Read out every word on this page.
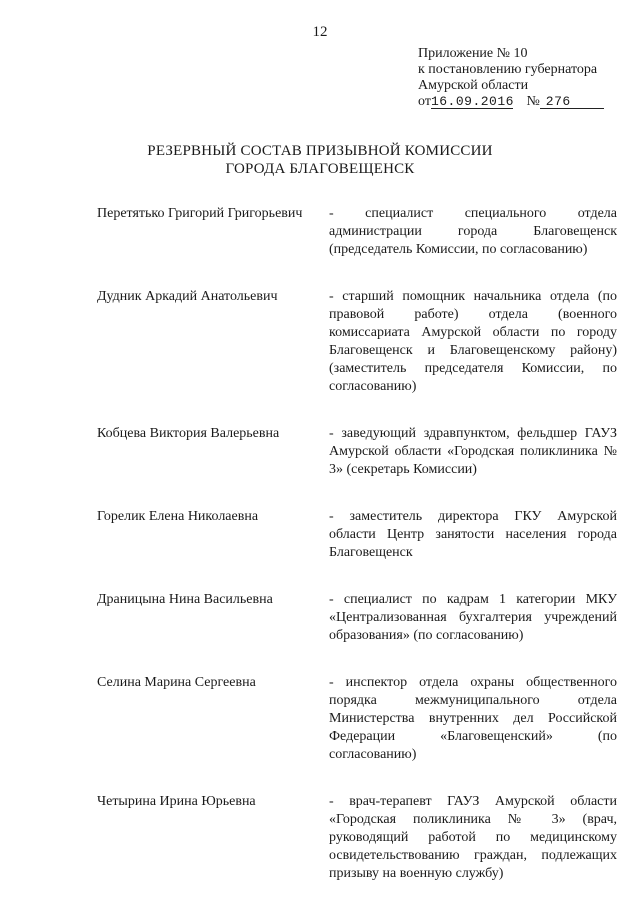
12
Приложение № 10
к постановлению губернатора
Амурской области
от16.09.2016 № 276
РЕЗЕРВНЫЙ СОСТАВ ПРИЗЫВНОЙ КОМИССИИ
ГОРОДА БЛАГОВЕЩЕНСК
Перетятько Григорий Григорьевич	- специалист специального отдела администрации города Благовещенск (председатель Комиссии, по согласованию)
Дудник Аркадий Анатольевич	- старший помощник начальника отдела (по правовой работе) отдела (военного комиссариата Амурской области по городу Благовещенск и Благовещенскому району) (заместитель председателя Комиссии, по согласованию)
Кобцева Виктория Валерьевна	- заведующий здравпунктом, фельдшер ГАУЗ Амурской области «Городская поликлиника № 3» (секретарь Комиссии)
Горелик Елена Николаевна	- заместитель директора ГКУ Амурской области Центр занятости населения города Благовещенск
Драницына Нина Васильевна	- специалист по кадрам 1 категории МКУ «Централизованная бухгалтерия учреждений образования» (по согласованию)
Селина Марина Сергеевна	- инспектор отдела охраны общественного порядка межмуниципального отдела Министерства внутренних дел Российской Федерации «Благовещенский» (по согласованию)
Четырина Ирина Юрьевна	- врач-терапевт ГАУЗ Амурской области «Городская поликлиника № 3» (врач, руководящий работой по медицинскому освидетельствованию граждан, подлежащих призыву на военную службу)
